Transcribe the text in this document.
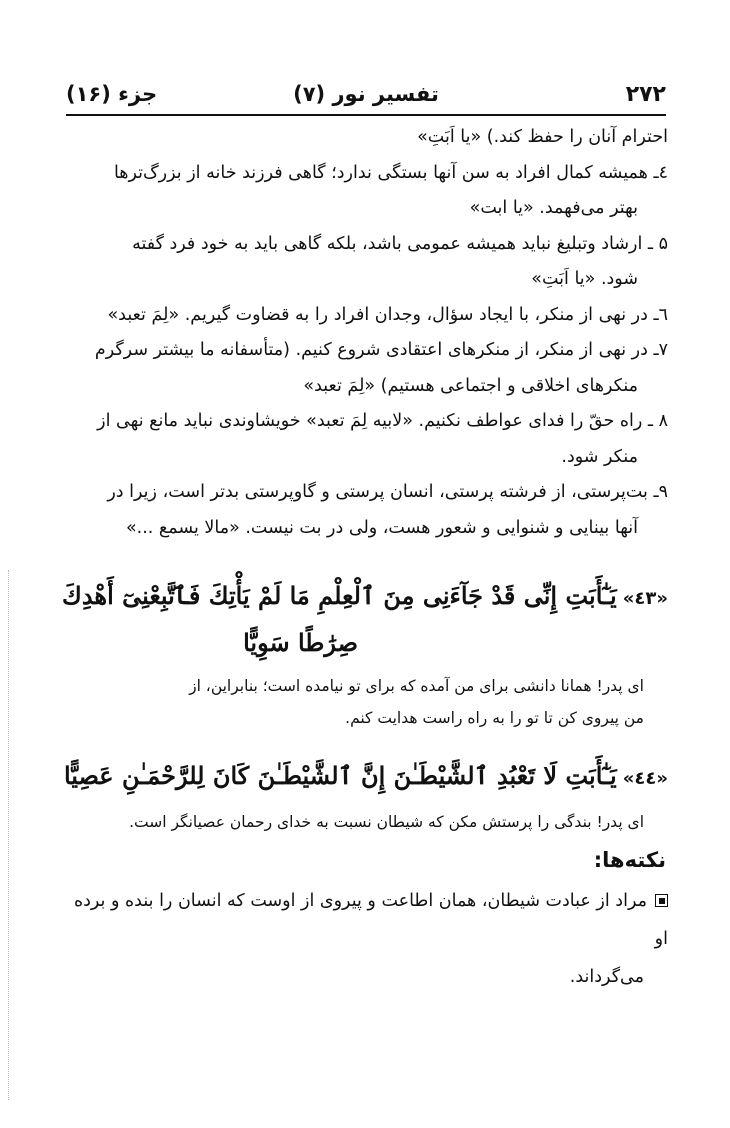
۲۷۲
تفسیر نور (۷)
جزء (۱۶)

احترام آنان را حفظ کند.) «یا اَبَتِ»

٤ـ همیشه کمال افراد به سن آنها بستگی ندارد؛ گاهی فرزند خانه از بزرگ‌ترها

بهتر می‌فهمد. «یا ابت»

۵ ـ ارشاد وتبلیغ نباید همیشه عمومی باشد، بلکه گاهی باید به خود فرد گفته

شود. «یا اَبَتِ»

٦ـ در نهی از منکر، با ایجاد سؤال، وجدان افراد را به قضاوت گیریم. «لِمَ تعبد»

۷ـ در نهی از منکر، از منکرهای اعتقادی شروع کنیم. (متأسفانه ما بیشتر سرگرم

منکرهای اخلاقی و اجتماعی هستیم) «لِمَ تعبد»

۸ ـ راه حقّ را فدای عواطف نکنیم. «لابیه لِمَ تعبد» خویشاوندی نباید مانع نهی از

منکر شود.

۹ـ بت‌پرستی، از فرشته پرستی، انسان پرستی و گاوپرستی بدتر است، زیرا در

آنها بینایی و شنوایی و شعور هست، ولی در بت نیست. «مالا یسمع ...»

«٤٣»يَـٰٓأَبَتِ إِنِّى قَدْ جَآءَنِى مِنَ ٱلْعِلْمِ مَا لَمْ يَأْتِكَ فَٱتَّبِعْنِىٓ أَهْدِكَ
صِرَٰطًا سَوِيًّا
ای پدر! همانا دانشی برای من آمده که برای تو نیامده است؛ بنابراین، از
من پیروی کن تا تو را به راه راست هدایت کنم.
«٤٤»يَـٰٓأَبَتِ لَا تَعْبُدِ ٱلشَّيْطَـٰنَ إِنَّ ٱلشَّيْطَـٰنَ كَانَ لِلرَّحْمَـٰنِ عَصِيًّا
ای پدر! بندگی را پرستش مکن که شیطان نسبت به خدای رحمان عصیانگر است.
نکته‌ها:
مراد از عبادت شیطان، همان اطاعت و پیروی از اوست که انسان را بنده و برده او
می‌گرداند.
